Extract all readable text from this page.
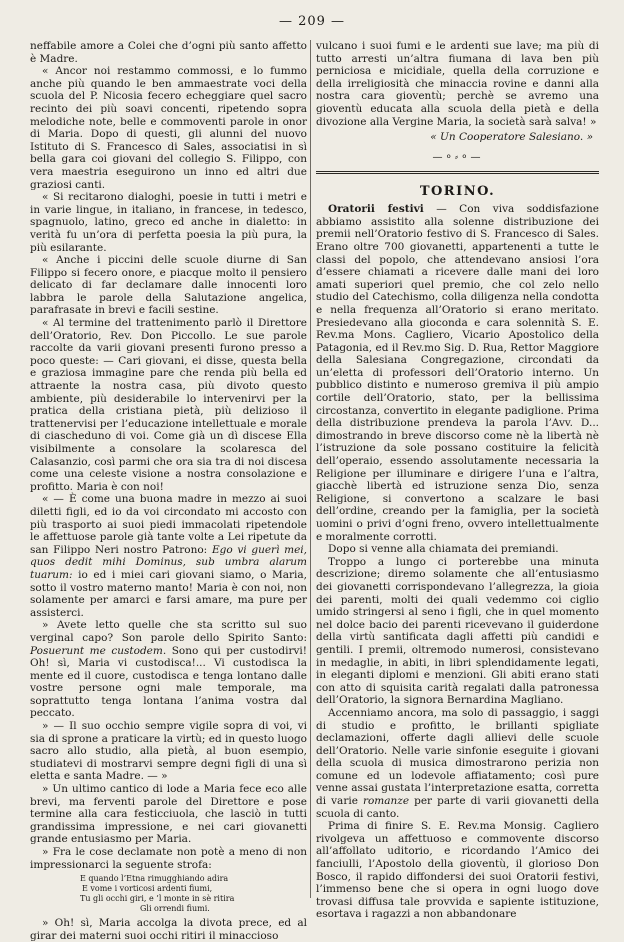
— 209 —

neffabile amore a Colei che d’ogni più santo affetto è Madre.

« Ancor noi restammo commossi, e lo fummo anche più quando le ben ammaestrate voci della scuola del P. Nicosia fecero echeggiare quel sacro recinto dei più soavi concenti, ripetendo sopra melodiche note, belle e commoventi parole in onor di Maria. Dopo di questi, gli alunni del nuovo Istituto di S. Francesco di Sales, associatisi in sì bella gara coi giovani del collegio S. Filippo, con vera maestria eseguirono un inno ed altri due graziosi canti.

« Si recitarono dialoghi, poesie in tutti i metri e in varie lingue, in italiano, in francese, in tedesco, spagnuolo, latino, greco ed anche in dialetto: in verità fu un’ora di perfetta poesia la più pura, la più esilarante.

« Anche i piccini delle scuole diurne di San Filippo si fecero onore, e piacque molto il pensiero delicato di far declamare dalle innocenti loro labbra le parole della Salutazione angelica, parafrasate in brevi e facili sestine.

« Al termine del trattenimento parlò il Direttore dell’Oratorio, Rev. Don Piccollo. Le sue parole raccolte da varii giovani presenti furono presso a poco queste: — Cari giovani, ei disse, questa bella e graziosa immagine pare che renda più bella ed attraente la nostra casa, più divoto questo ambiente, più desiderabile lo intervenirvi per la pratica della cristiana pietà, più delizioso il trattenervisi per l’educazione intellettuale e morale di ciascheduno di voi. Come già un dì discese Ella visibilmente a consolare la scolaresca del Calasanzio, così parmi che ora sia tra di noi discesa come una celeste visione a nostra consolazione e profitto. Maria è con noi!

« — È come una buona madre in mezzo ai suoi diletti figli, ed io da voi circondato mi accosto con più trasporto ai suoi piedi immacolati ripetendole le affettuose parole già tante volte a Lei ripetute da san Filippo Neri nostro Patrono: Ego vi guerì mei, quos dedit mihi Dominus, sub umbra alarum tuarum: io ed i miei cari giovani siamo, o Maria, sotto il vostro materno manto! Maria è con noi, non solamente per amarci e farsi amare, ma pure per assisterci.

» Avete letto quelle che sta scritto sul suo verginal capo? Son parole dello Spirito Santo: Posuerunt me custodem. Sono qui per custodirvi! Oh! sì, Maria vi custodisca!... Vi custodisca la mente ed il cuore, custodisca e tenga lontano dalle vostre persone ogni male temporale, ma soprattutto tenga lontana l’anima vostra dal peccato.

» — Il suo occhio sempre vigile sopra di voi, vi sia di sprone a praticare la virtù; ed in questo luogo sacro allo studio, alla pietà, al buon esempio, studiatevi di mostrarvi sempre degni figli di una sì eletta e santa Madre. — »

» Un ultimo cantico di lode a Maria fece eco alle brevi, ma ferventi parole del Direttore e pose termine alla cara festicciuola, che lasciò in tutti grandissima impressione, e nei cari giovanetti grande entusiasmo per Maria.

» Fra le cose declamate non potè a meno di non impressionarci la seguente strofa:

E quando l’Etna rimugghiando adira
E vome i vorticosi ardenti fiumi,
Tu gli occhi giri, e ’l monte in sè ritira
Gli orrendi fiumi.

» Oh! sì, Maria accolga la divota prece, ed al girar dei materni suoi occhi ritiri il minaccioso

vulcano i suoi fumi e le ardenti sue lave; ma più di tutto arresti un’altra fiumana di lava ben più perniciosa e micidiale, quella della corruzione e della irreligiosità che minaccia rovine e danni alla nostra cara gioventù; perchè se avremo una gioventù educata alla scuola della pietà e della divozione alla Vergine Maria, la società sarà salva! »

« Un Cooperatore Salesiano. »
—⚬⸗⚬—
TORINO.

Oratorii festivi — Con viva soddisfazione abbiamo assistito alla solenne distribuzione dei premii nell’Oratorio festivo di S. Francesco di Sales. Erano oltre 700 giovanetti, appartenenti a tutte le classi del popolo, che attendevano ansiosi l’ora d’essere chiamati a ricevere dalle mani dei loro amati superiori quel premio, che col zelo nello studio del Catechismo, colla diligenza nella condotta e nella frequenza all’Oratorio si erano meritato. Presiedevano alla gioconda e cara solennità S. E. Rev.ma Mons. Cagliero, Vicario Apostolico della Patagonia, ed il Rev.mo Sig. D. Rua, Rettor Maggiore della Salesiana Congregazione, circondati da un’eletta di professori dell’Oratorio interno. Un pubblico distinto e numeroso gremiva il più ampio cortile dell’Oratorio, stato, per la bellissima circostanza, convertito in elegante padiglione. Prima della distribuzione prendeva la parola l’Avv. D... dimostrando in breve discorso come nè la libertà nè l’istruzione da sole possano costituire la felicità dell’operaio, essendo assolutamente necessaria la Religione per illuminare e dirigere l’una e l’altra, giacchè libertà ed istruzione senza Dio, senza Religione, si convertono a scalzare le basi dell’ordine, creando per la famiglia, per la società uomini o privi d’ogni freno, ovvero intellettualmente e moralmente corrotti.

Dopo si venne alla chiamata dei premiandi.

Troppo a lungo ci porterebbe una minuta descrizione; diremo solamente che all’entusiasmo dei giovanetti corrispondevano l’allegrezza, la gioia dei parenti, molti dei quali vedemmo coi ciglio umido stringersi al seno i figli, che in quel momento nel dolce bacio dei parenti ricevevano il guiderdone della virtù santificata dagli affetti più candidi e gentili. I premii, oltremodo numerosi, consistevano in medaglie, in abiti, in libri splendidamente legati, in eleganti diplomi e menzioni. Gli abiti erano stati con atto di squisita carità regalati dalla patronessa dell’Oratorio, la signora Bernardina Magliano.

Accenniamo ancora, ma solo di passaggio, i saggi di studio e profitto, le brillanti spigliate declamazioni, offerte dagli allievi delle scuole dell’Oratorio. Nelle varie sinfonie eseguite i giovani della scuola di musica dimostrarono perizia non comune ed un lodevole affiatamento; così pure venne assai gustata l’interpretazione esatta, corretta di varie romanze per parte di varii giovanetti della scuola di canto.

Prima di finire S. E. Rev.ma Monsig. Cagliero rivolgeva un affettuoso e commovente discorso all’affollato uditorio, e ricordando l’Amico dei fanciulli, l’Apostolo della gioventù, il glorioso Don Bosco, il rapido diffondersi dei suoi Oratorii festivi, l’immenso bene che si opera in ogni luogo dove trovasi diffusa tale provvida e sapiente istituzione, esortava i ragazzi a non abbandonare
